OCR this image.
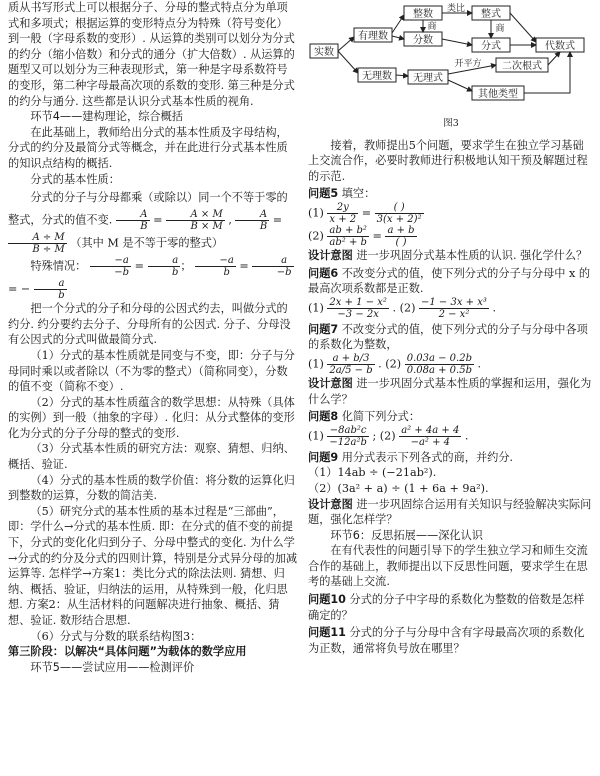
质从书写形式上可以根据分子、分母的整式特点分为单项式和多项式；根据运算的变形特点分为特殊（符号变化）到一般（字母系数的变形）. 从运算的类别可以划分为分式的约分（缩小倍数）和分式的通分（扩大倍数）. 从运算的题型又可以划分为三种表现形式，第一种是字母系数符号的变形，第二种字母最高次项的系数的变形. 第三种是分式的约分与通分. 这些都是认识分式基本性质的视角.

环节4——建构理论，综合概括

在此基础上，教师给出分式的基本性质及字母结构，分式的约分及最简分式等概念，并在此进行分式基本性质的知识点结构的概括.

分式的基本性质：

分式的分子与分母都乘（或除以）同一个不等于零的整式，分式的值不变. $\frac{A}{B} = \frac{A \times M}{B \times M}$ , $\frac{A}{B}$ =
$\frac{A \div M}{B \div M}$ （其中 M 是不等于零的整式）

特殊情况： $\frac{-a}{-b} = \frac{a}{b}$ ； $\frac{-a}{b} = \frac{a}{-b}$
= − $\frac{a}{b}$

把一个分式的分子和分母的公因式约去，叫做分式的约分. 约分要约去分子、分母所有的公因式. 分子、分母没有公因式的分式叫做最简分式.

（1）分式的基本性质就是同变与不变，即：分子与分母同时乘以或者除以（不为零的整式）（简称同变），分数的值不变（简称不变）.

（2）分式的基本性质蕴含的数学思想：从特殊（具体的实例）到一般（抽象的字母）. 化归：从分式整体的变形化为分式的分子分母的整式的变形.

（3）分式基本性质的研究方法：观察、猜想、归纳、概括、验证.

（4）分式的基本性质的数学价值：将分数的运算化归到整数的运算，分数的简洁美.

（5）研究分式的基本性质的基本过程是“三部曲”，即：学什么→分式的基本性质. 即：在分式的值不变的前提下，分式的变化化归到分子、分母中整式的变化. 为什么学→分式的约分及分式的四则计算，特别是分式异分母的加减运算等. 怎样学→方案1：类比分式的除法法则. 猜想、归纳、概括、验证，归纳法的运用，从特殊到一般，化归思想. 方案2：从生活材料的问题解决进行抽象、概括、猜想、验证. 数形结合思想.

（6）分式与分数的联系结构图3：

第三阶段：以解决“具体问题”为载体的数学应用

环节5——尝试应用——检测评价

实数
有理数
无理数
整数
分数
整式
分式	代数式
无理式
二次根式
其他类型
类比
商	商
开平方

图3

接着，教师提出5个问题，要求学生在独立学习基础上交流合作，必要时教师进行积极地认知干预及解题过程的示范.

问题5 填空：

$(1) \frac{2y}{x + 2} = \frac{( )}{\text{3(x + 2)²}}$

$(2) \frac{\text{ab + b²}}{\text{ab² + b}} = \frac{a + b}{( )}$

设计意图 进一步巩固分式基本性质的认识. 强化学什么？

问题6 不改变分式的值，使下列分式的分子与分母中 x 的最高次项系数都是正数.

$(1) \frac{\text{2x + 1 − x²}}{-3 - 2x}$ . $(2) \frac{\text{−1 − 3x + x³}}{\text{2 − x²}}$ .

问题7 不改变分式的值，使下列分式的分子与分母中各项的系数化为整数，

$(1) \frac{a + b/3}{2a/5 - b}$ . $(2) \frac{0.03a - 0.2b}{0.08a + 0.5b}$ .

设计意图 进一步巩固分式基本性质的掌握和运用，强化为什么学？

问题8 化简下列分式：

$(1) \frac{\text{−8ab²c}}{\text{−12a²b}}$ ; $(2) \frac{\text{a² + 4a + 4}}{\text{−a² + 4}}$ .

问题9 用分式表示下列各式的商，并约分.

（1）14ab ÷ (−21ab²).

（2）(3a² + a) ÷ (1 + 6a + 9a²).

设计意图 进一步巩固综合运用有关知识与经验解决实际问题，强化怎样学？

环节6：反思拓展——深化认识

在有代表性的问题引导下的学生独立学习和师生交流合作的基础上，教师提出以下反思性问题，要求学生在思考的基础上交流.

问题10 分式的分子中字母的系数化为整数的倍数是怎样确定的？

问题11 分式的分子与分母中含有字母最高次项的系数化为正数，通常将负号放在哪里？
